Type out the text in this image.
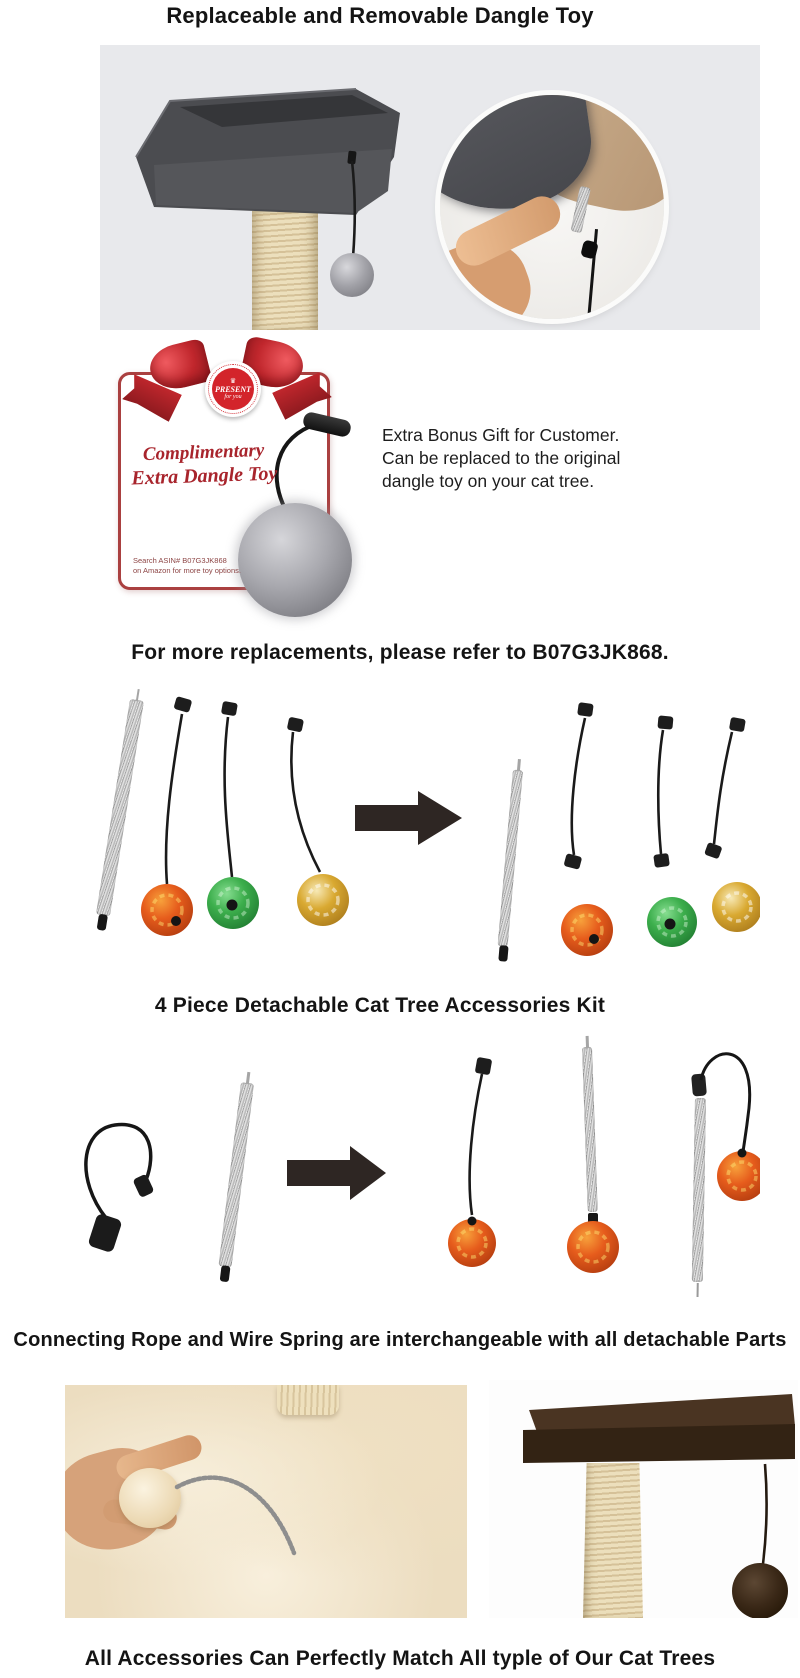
Replaceable and Removable Dangle Toy
♛
PRESENT
for you
Complimentary
Extra Dangle Toy
Search ASIN# B07G3JK868
on Amazon for more toy options.
Extra Bonus Gift for Customer.
Can be replaced to the original
dangle toy on your cat tree.
For more replacements, please refer to B07G3JK868.
4 Piece Detachable Cat Tree Accessories Kit
Connecting Rope and Wire Spring are interchangeable with all detachable Parts
All Accessories Can Perfectly Match All typle of Our Cat Trees
